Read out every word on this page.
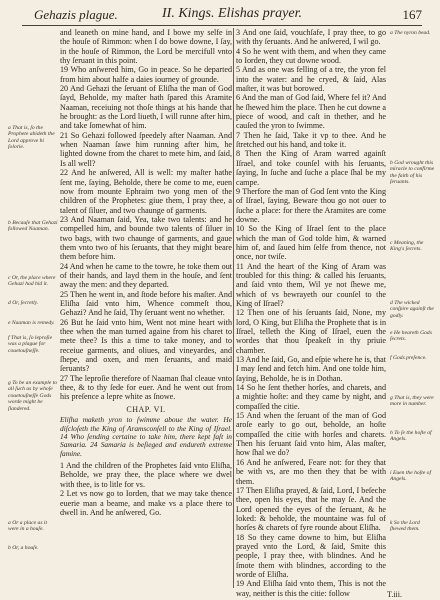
Gehazis plague.	II. Kings. Elishas prayer.	167
a That is, ſo the Prophete abideth the Lord approve hi ſolorie.
b Becauſe that Gehazi followed Naaman.
c Or, the place where Gehazi had hid it.
d Or, ſecretly.
e Naaman is remedy.
f That is, ſo leproſie was a plague for couetouſneſſe.
g To be an example to all ſuch as by whoſe couetouſneſſe Gods worde might be ſlandered.
a Or a place as it were in a houſe.
b Or, a houſe.
and leaneth on mine hand, and I bowe my selfe in the houſe of Rimmon: when I do bowe downe, I ſay, in the houſe of Rimmon, the Lord be mercifull vnto thy ſeruant in this point.
19 Who anſwered him, Go in peace. So he departed from him about halfe a daies iourney of grounde.
20 And Gehazi the ſeruant of Eliſha the man of God ſayd, Beholde, my maſter hath ſpared this Aramite Naaman, receiuing not thoſe things at his hande that he brought: as the Lord liueth, I will runne after him, and take ſomewhat of him.
21 So Gehazi followed ſpeedely after Naaman. And when Naaman ſawe him running after him, he lighted downe from the charet to mete him, and ſaid, Is all well?
22 And he anſwered, All is well: my maſter hathe ſent me, ſaying, Beholde, there be come to me, euen now from mounte Ephraim two yong men of the children of the Prophetes: giue them, I pray thee, a talent of ſiluer, and two chaunge of garments.
23 And Naaman ſaid, Yea, take two talents: and he compelled him, and bounde two talents of ſiluer in two bags, with two chaunge of garments, and gaue them vnto two of his ſeruants, that they might beare them before him.
24 And when he came to the towre, he toke them out of their hands, and layd them in the houſe, and ſent away the men: and they departed.
25 Then he went in, and ſtode before his maſter. And Eliſha ſaid vnto him, Whence commeſt thou, Gehazi? And he ſaid, Thy ſeruant went no whether.
26 But he ſaid vnto him, Went not mine heart with thee when the man turned againe from his charet to mete thee? Is this a time to take money, and to receiue garments, and oliues, and vineyardes, and ſhepe, and oxen, and men ſeruants, and maid ſeruants?
27 The leproſie therefore of Naaman ſhal cleaue vnto thee, & to thy ſede for euer. And he went out from his preſence a lepre white as ſnowe.
CHAP. VI.
Eliſha maketh yron to ſwimme aboue the water. He diſcloſeth the King of Aramsconſell to the King of Iſrael. 14 Who ſending certaine to take him, there kept faſt in Samaria. 24 Samaria is beſieged and endureth extreme famine.
1 And the children of the Prophetes ſaid vnto Eliſha, Beholde, we pray thee, the place where we dwel with thee, is to litle for vs.
2 Let vs now go to Iorden, that we may take thence euerie man a beame, and make vs a place there to dwell in. And he anſwered, Go.
3 And one ſaid, vouchſafe, I pray thee, to go with thy ſeruants. And he anſwered, I wil go.
4 So he went with them, and when they came to Iorden, they cut downe wood.
5 And as one was felling of a tre, the yron fel into the water: and he cryed, & ſaid, Alas maſter, it was but borowed.
6 And the man of God ſaid, Where fel it? And he ſhewed him the place. Then he cut downe a piece of wood, and caſt in thether, and he cauſed the yron to ſwimme.
7 Then he ſaid, Take it vp to thee. And he ſtretched out his hand, and toke it.
8 Then the King of Aram warred againſt Iſrael, and toke counſel with his ſeruants, ſaying, In ſuche and ſuche a place ſhal be my campe.
9 Therfore the man of God ſent vnto the King of Iſrael, ſaying, Beware thou go not ouer to ſuche a place: for there the Aramites are come downe.
10 So the King of Iſrael ſent to the place which the man of God tolde him, & warned him of, and ſaued him ſelfe from thence, not once, nor twiſe.
11 And the heart of the King of Aram was troubled for this thing: & called his ſeruants, and ſaid vnto them, Wil ye not ſhewe me, which of vs bewrayeth our counſel to the King of Iſrael?
12 Then one of his ſeruants ſaid, None, my lord, O King, but Eliſha the Prophete that is in Iſrael, telleth the King of Iſrael, euen the wordes that thou ſpeakeſt in thy priuie chamber.
13 And he ſaid, Go, and eſpie where he is, that I may ſend and fetch him. And one tolde him, ſaying, Beholde, he is in Dothan.
14 So he ſent thether horſes, and charets, and a mightie hoſte: and they came by night, and compaſſed the citie.
15 And when the ſeruant of the man of God aroſe early to go out, beholde, an hoſte compaſſed the citie with horſes and charets. Then his ſeruant ſaid vnto him, Alas maſter, how ſhal we do?
16 And he anſwered, Feare not: for they that be with vs, are mo then they that be with them.
17 Then Eliſha prayed, & ſaid, Lord, I beſeche thee, open his eyes, that he may ſe. And the Lord opened the eyes of the ſeruant, & he loked: & beholde, the mountaine was ful of horſes & charets of fyre rounde about Eliſha.
18 So they came downe to him, but Eliſha prayed vnto the Lord, & ſaid, Smite this people, I pray thee, with blindnes. And he ſmote them with blindnes, according to the worde of Eliſha.
19 And Eliſha ſaid vnto them, This is not the way, neither is this the citie: follow
a The nyron bead.
b God wrought this miracle to confirme the faith of his ſeruants.
c Meaning, the King's ſecrets.
d The wicked conſpire againſt the godly.
e He heareth Gods ſecrets.
f Gods preſence.
g That is, they were more in number.
h To ſe the hoſte of Angels.
i Euen the hoſte of Angels.
k So the Lord ſhewed them.
T.iii.
